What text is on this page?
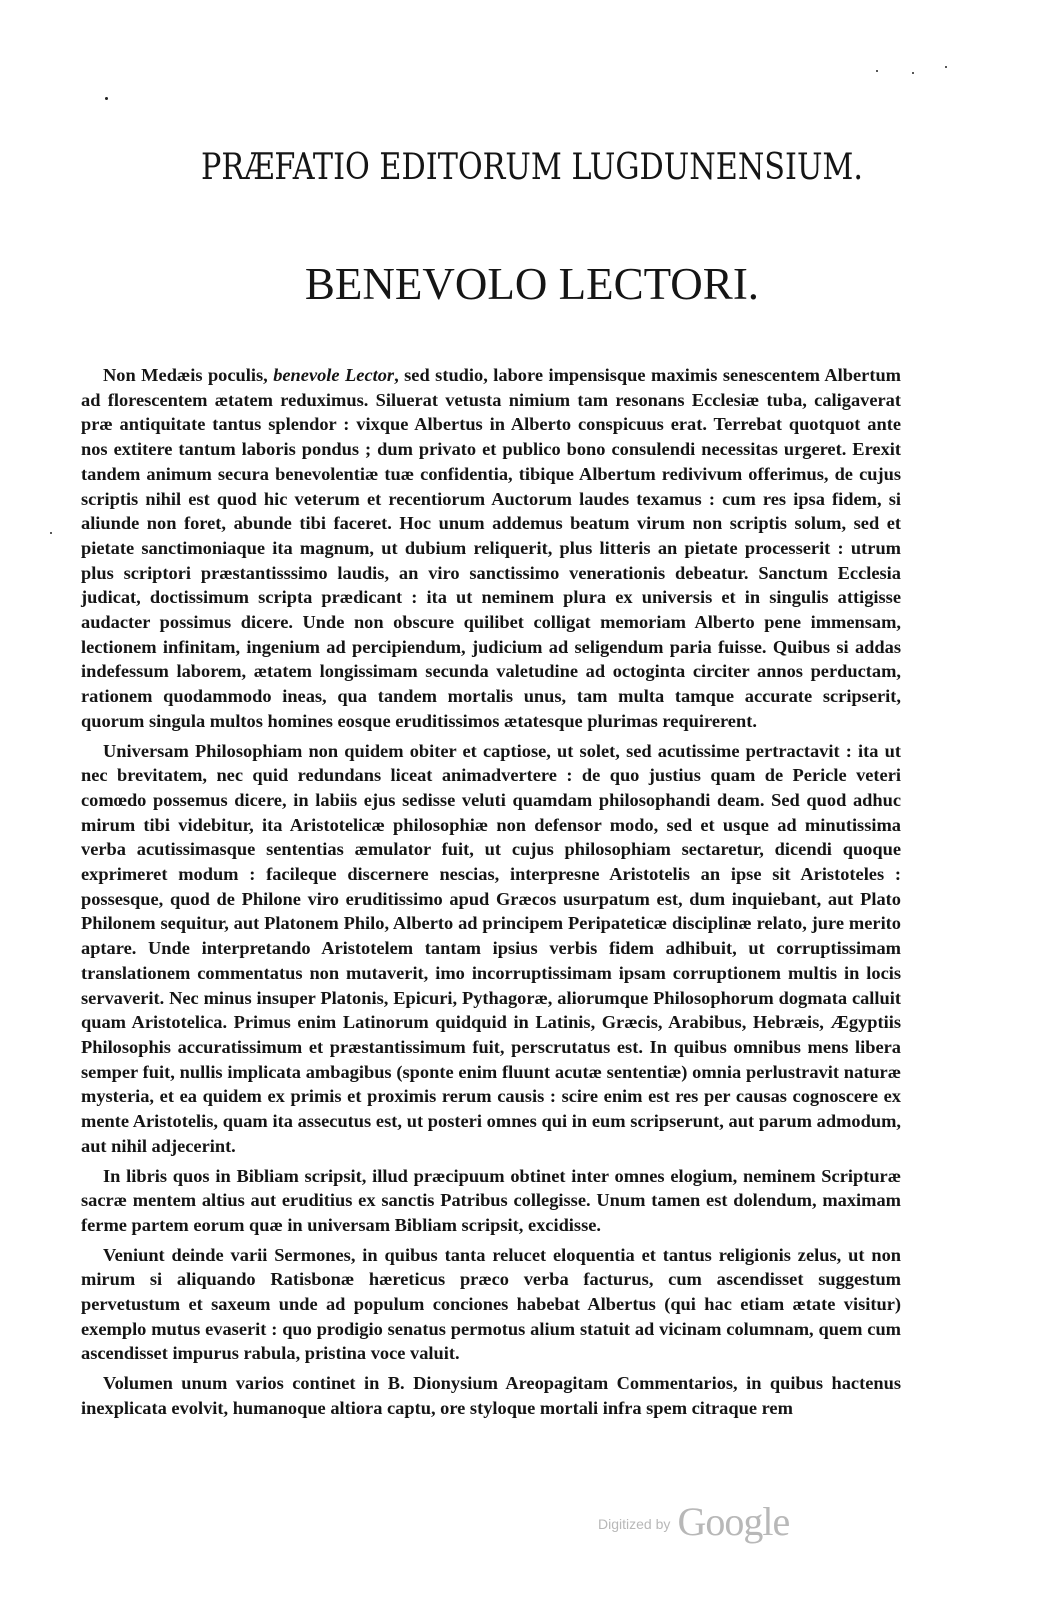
PRÆFATIO EDITORUM LUGDUNENSIUM.
BENEVOLO LECTORI.

Non Medæis poculis, benevole Lector, sed studio, labore impensisque maximis senescentem Albertum ad florescentem ætatem reduximus. Siluerat vetusta nimium tam resonans Ecclesiæ tuba, caligaverat præ antiquitate tantus splendor : vixque Albertus in Alberto conspicuus erat. Terrebat quotquot ante nos extitere tantum laboris pondus ; dum privato et publico bono consulendi necessitas urgeret. Erexit tandem animum secura benevolentiæ tuæ confidentia, tibique Albertum redivivum offerimus, de cujus scriptis nihil est quod hic veterum et recentiorum Auctorum laudes texamus : cum res ipsa fidem, si aliunde non foret, abunde tibi faceret. Hoc unum addemus beatum virum non scriptis solum, sed et pietate sanctimoniaque ita magnum, ut dubium reliquerit, plus litteris an pietate processerit : utrum plus scriptori præstantisssimo laudis, an viro sanctissimo venerationis debeatur. Sanctum Ecclesia judicat, doctissimum scripta prædicant : ita ut neminem plura ex universis et in singulis attigisse audacter possimus dicere. Unde non obscure quilibet colligat memoriam Alberto pene immensam, lectionem infinitam, ingenium ad percipiendum, judicium ad seligendum paria fuisse. Quibus si addas indefessum laborem, ætatem longissimam secunda valetudine ad octoginta circiter annos perductam, rationem quodammodo ineas, qua tandem mortalis unus, tam multa tamque accurate scripserit, quorum singula multos homines eosque eruditissimos ætatesque plurimas requirerent.

Universam Philosophiam non quidem obiter et captiose, ut solet, sed acutissime pertractavit : ita ut nec brevitatem, nec quid redundans liceat animadvertere : de quo justius quam de Pericle veteri comœdo possemus dicere, in labiis ejus sedisse veluti quamdam philosophandi deam. Sed quod adhuc mirum tibi videbitur, ita Aristotelicæ philosophiæ non defensor modo, sed et usque ad minutissima verba acutissimasque sententias æmulator fuit, ut cujus philosophiam sectaretur, dicendi quoque exprimeret modum : facileque discernere nescias, interpresne Aristotelis an ipse sit Aristoteles : possesque, quod de Philone viro eruditissimo apud Græcos usurpatum est, dum inquiebant, aut Plato Philonem sequitur, aut Platonem Philo, Alberto ad principem Peripateticæ disciplinæ relato, jure merito aptare. Unde interpretando Aristotelem tantam ipsius verbis fidem adhibuit, ut corruptissimam translationem commentatus non mutaverit, imo incorruptissimam ipsam corruptionem multis in locis servaverit. Nec minus insuper Platonis, Epicuri, Pythagoræ, aliorumque Philosophorum dogmata calluit quam Aristotelica. Primus enim Latinorum quidquid in Latinis, Græcis, Arabibus, Hebræis, Ægyptiis Philosophis accuratissimum et præstantissimum fuit, perscrutatus est. In quibus omnibus mens libera semper fuit, nullis implicata ambagibus (sponte enim fluunt acutæ sententiæ) omnia perlustravit naturæ mysteria, et ea quidem ex primis et proximis rerum causis : scire enim est res per causas cognoscere ex mente Aristotelis, quam ita assecutus est, ut posteri omnes qui in eum scripserunt, aut parum admodum, aut nihil adjecerint.

In libris quos in Bibliam scripsit, illud præcipuum obtinet inter omnes elogium, neminem Scripturæ sacræ mentem altius aut eruditius ex sanctis Patribus collegisse. Unum tamen est dolendum, maximam ferme partem eorum quæ in universam Bibliam scripsit, excidisse.

Veniunt deinde varii Sermones, in quibus tanta relucet eloquentia et tantus religionis zelus, ut non mirum si aliquando Ratisbonæ hæreticus præco verba facturus, cum ascendisset suggestum pervetustum et saxeum unde ad populum conciones habebat Albertus (qui hac etiam ætate visitur) exemplo mutus evaserit : quo prodigio senatus permotus alium statuit ad vicinam columnam, quem cum ascendisset impurus rabula, pristina voce valuit.

Volumen unum varios continet in B. Dionysium Areopagitam Commentarios, in quibus hactenus inexplicata evolvit, humanoque altiora captu, ore styloque mortali infra spem citraque rem

Digitized by Google
